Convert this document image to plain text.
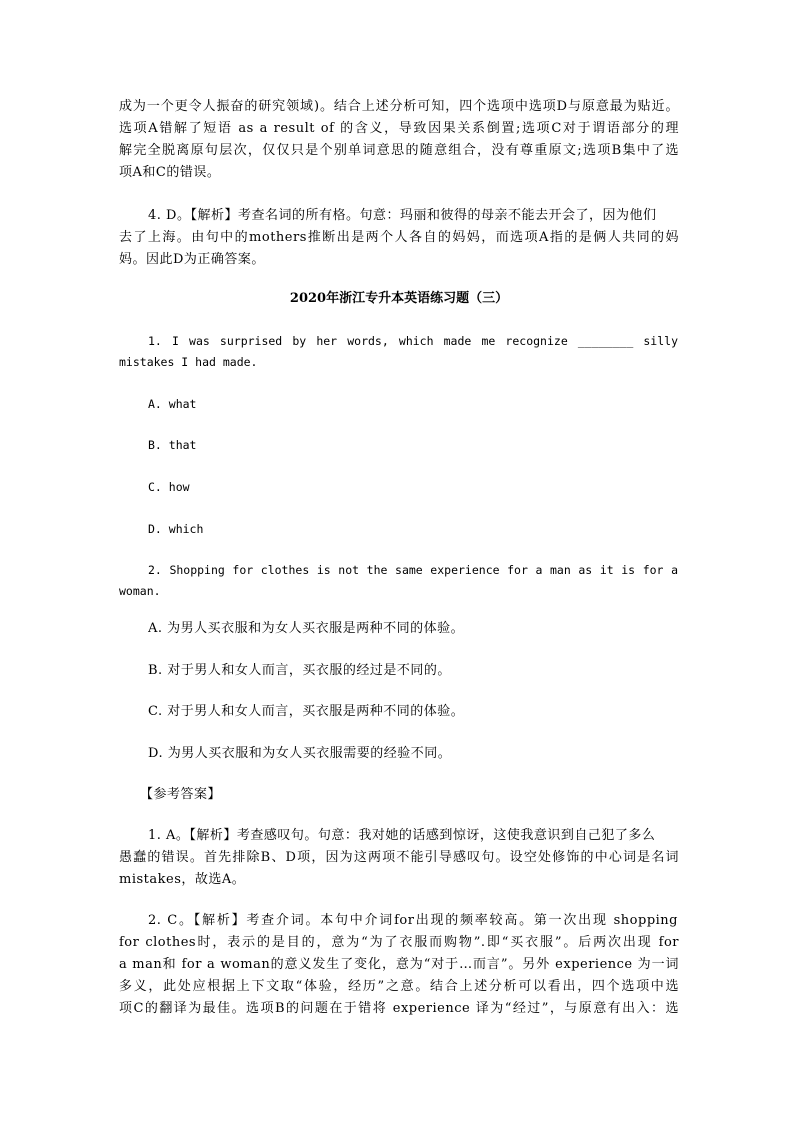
成为一个更令人振奋的研究领域)。结合上述分析可知，四个选项中选项D与原意最为贴近。
选项A错解了短语 as a result of 的含义，导致因果关系倒置;选项C对于谓语部分的理
解完全脱离原句层次，仅仅只是个别单词意思的随意组合，没有尊重原文;选项B集中了选
项A和C的错误。
4. D。【解析】考查名词的所有格。句意：玛丽和彼得的母亲不能去开会了，因为他们
去了上海。由句中的mothers推断出是两个人各自的妈妈，而选项A指的是俩人共同的妈
妈。因此D为正确答案。
2020年浙江专升本英语练习题（三）
1. I was surprised by her words, which made me recognize ________ silly
mistakes I had made.
A. what
B. that
C. how
D. which
2. Shopping for clothes is not the same experience for a man as it is for a
woman.
A. 为男人买衣服和为女人买衣服是两种不同的体验。
B. 对于男人和女人而言，买衣服的经过是不同的。
C. 对于男人和女人而言，买衣服是两种不同的体验。
D. 为男人买衣服和为女人买衣服需要的经验不同。
【参考答案】
1. A。【解析】考查感叹句。句意：我对她的话感到惊讶，这使我意识到自己犯了多么
愚蠢的错误。首先排除B、D项，因为这两项不能引导感叹句。设空处修饰的中心词是名词
mistakes，故选A。
2. C。【解析】考查介词。本句中介词for出现的频率较高。第一次出现 shopping
for clothes时，表示的是目的，意为“为了衣服而购物”.即“买衣服”。后两次出现 for
a man和 for a woman的意义发生了变化，意为“对于…而言”。另外 experience 为一词
多义，此处应根据上下文取“体验，经历”之意。结合上述分析可以看出，四个选项中选
项C的翻译为最佳。选项B的问题在于错将 experience 译为“经过”，与原意有出入：选
